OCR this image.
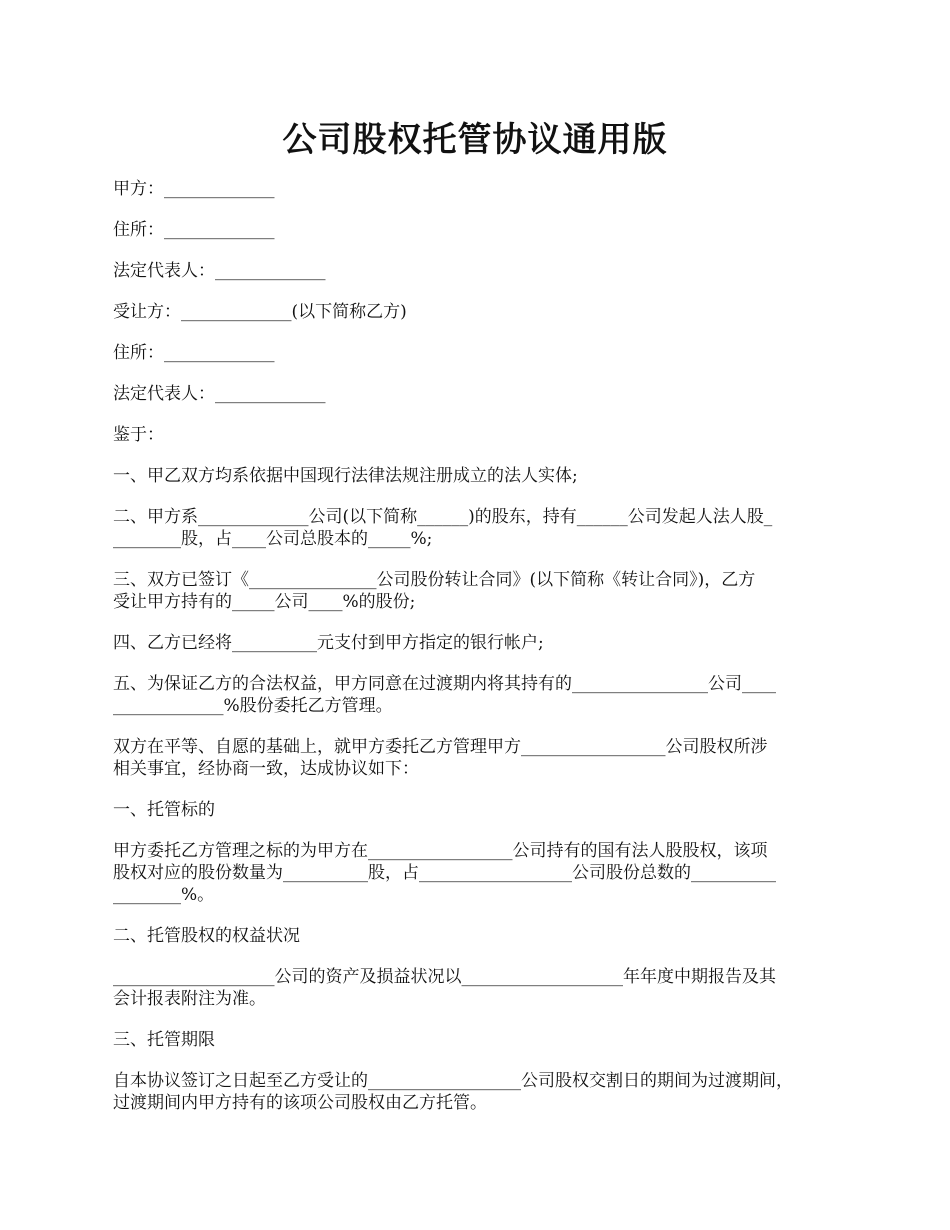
公司股权托管协议通用版

甲方：_____________

住所：_____________

法定代表人：_____________

受让方：_____________(以下简称乙方)

住所：_____________

法定代表人：_____________

鉴于：

一、甲乙双方均系依据中国现行法律法规注册成立的法人实体;

二、甲方系_____________公司(以下简称______)的股东，持有______公司发起人法人股_
________股，占____公司总股本的_____%;

三、双方已签订《_______________公司股份转让合同》(以下简称《转让合同》)，乙方
受让甲方持有的_____公司____%的股份;

四、乙方已经将__________元支付到甲方指定的银行帐户;

五、为保证乙方的合法权益，甲方同意在过渡期内将其持有的________________公司____
_____________%股份委托乙方管理。

双方在平等、自愿的基础上，就甲方委托乙方管理甲方_________________公司股权所涉
相关事宜，经协商一致，达成协议如下：

一、托管标的

甲方委托乙方管理之标的为甲方在_________________公司持有的国有法人股股权，该项
股权对应的股份数量为__________股，占__________________公司股份总数的__________
________%。

二、托管股权的权益状况

___________________公司的资产及损益状况以___________________年年度中期报告及其
会计报表附注为准。

三、托管期限

自本协议签订之日起至乙方受让的__________________公司股权交割日的期间为过渡期间，
过渡期间内甲方持有的该项公司股权由乙方托管。
